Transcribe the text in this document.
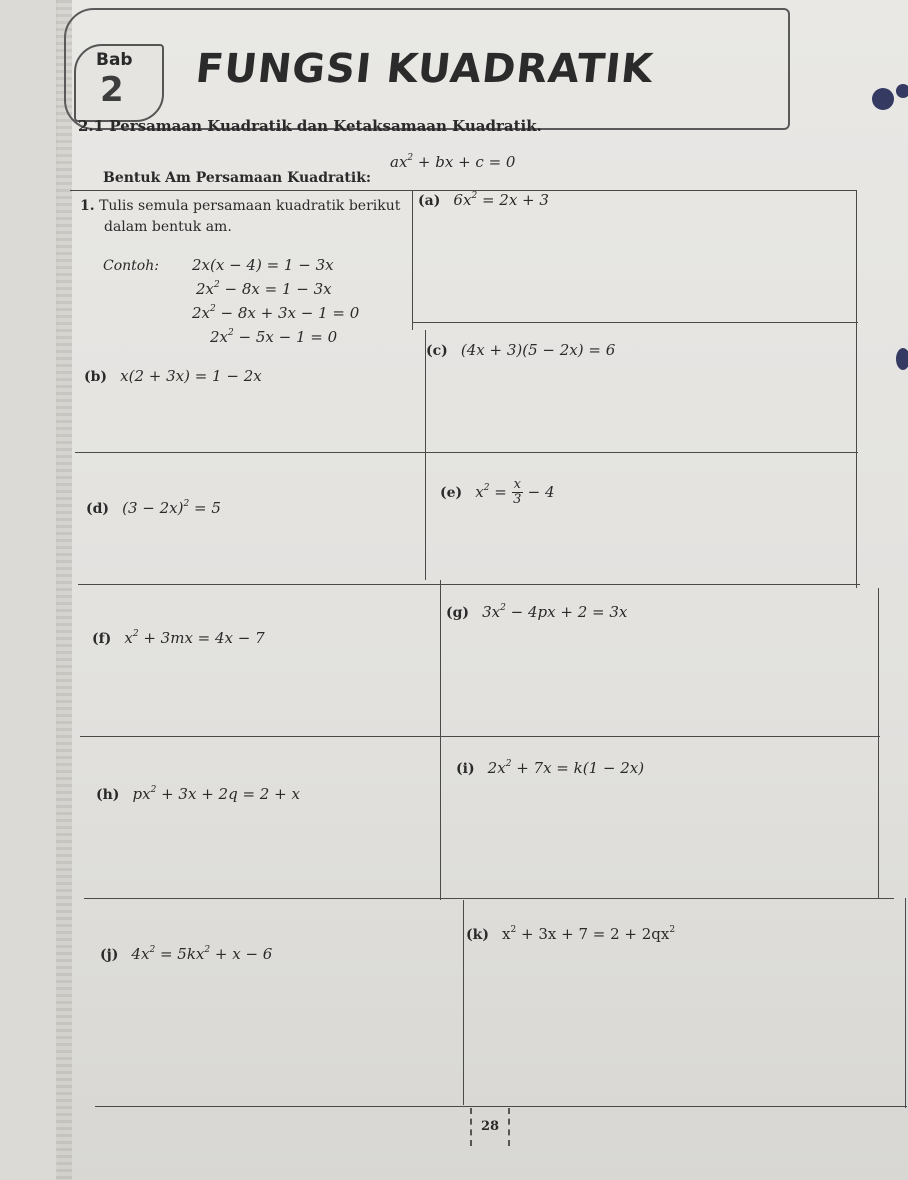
Bab
2 FUNGSI KUADRATIK
2.1 Persamaan Kuadratik dan Ketaksamaan Kuadratik.
Bentuk Am Persamaan Kuadratik:
$ax^2$ + bx + c = 0
1. Tulis semula persamaan kuadratik berikut
dalam bentuk am.
Contoh: 2x(x − 4) = 1 − 3x
$2x^2 - 8x = 1 - 3x$
$2x^2 - 8x + 3x - 1 = 0$
$2x^2 - 5x - 1 = 0$
(a) $6x^2 = 2x + 3$
(b) x(2 + 3x) = 1 − 2x
(c) (4x + 3)(5 − 2x) = 6
(d) $(3 - 2x)^2 = 5$
(e) $x^2 = \frac{x}{3} - 4$
(f) $x^2 + 3mx = 4x - 7$
(g) $3x^2 - 4px + 2 = 3x$
(h) $px^2 + 3x + 2q = 2 + x$
(i) $2x^2 + 7x = k(1 - 2x)$
(j) $4x^2 = 5kx^2 + x - 6$
(k) $x^2 + 3x + 7 = 2 + 2qx^2$
28
